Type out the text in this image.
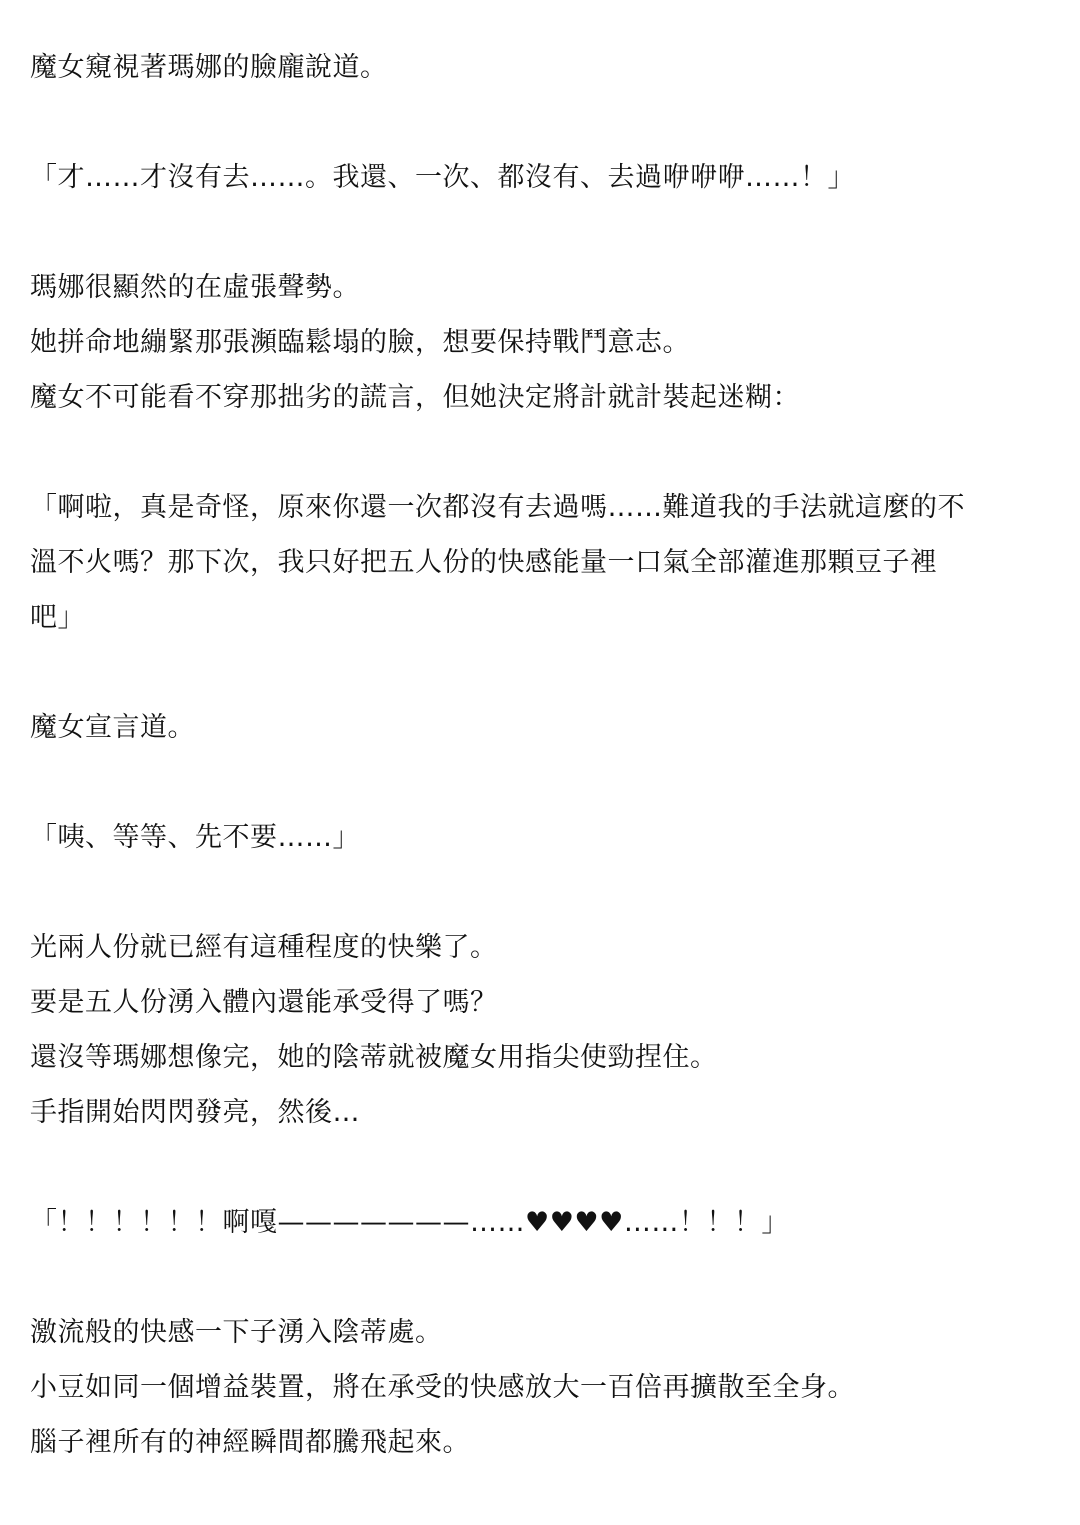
魔女窺視著瑪娜的臉龐說道。

「才……才沒有去……。我還、一次、都沒有、去過咿咿咿……！」

瑪娜很顯然的在虛張聲勢。

她拼命地繃緊那張瀕臨鬆塌的臉，想要保持戰鬥意志。

魔女不可能看不穿那拙劣的謊言，但她決定將計就計裝起迷糊：

「啊啦，真是奇怪，原來你還一次都沒有去過嗎……難道我的手法就這麼的不

溫不火嗎？那下次，我只好把五人份的快感能量一口氣全部灌進那顆豆子裡

吧」

魔女宣言道。

「咦、等等、先不要……」

光兩人份就已經有這種程度的快樂了。

要是五人份湧入體內還能承受得了嗎？

還沒等瑪娜想像完，她的陰蒂就被魔女用指尖使勁捏住。

手指開始閃閃發亮，然後…

「！！！！！！啊嘎———————……♥♥♥♥……！！！」

激流般的快感一下子湧入陰蒂處。

小豆如同一個增益裝置，將在承受的快感放大一百倍再擴散至全身。

腦子裡所有的神經瞬間都騰飛起來。
